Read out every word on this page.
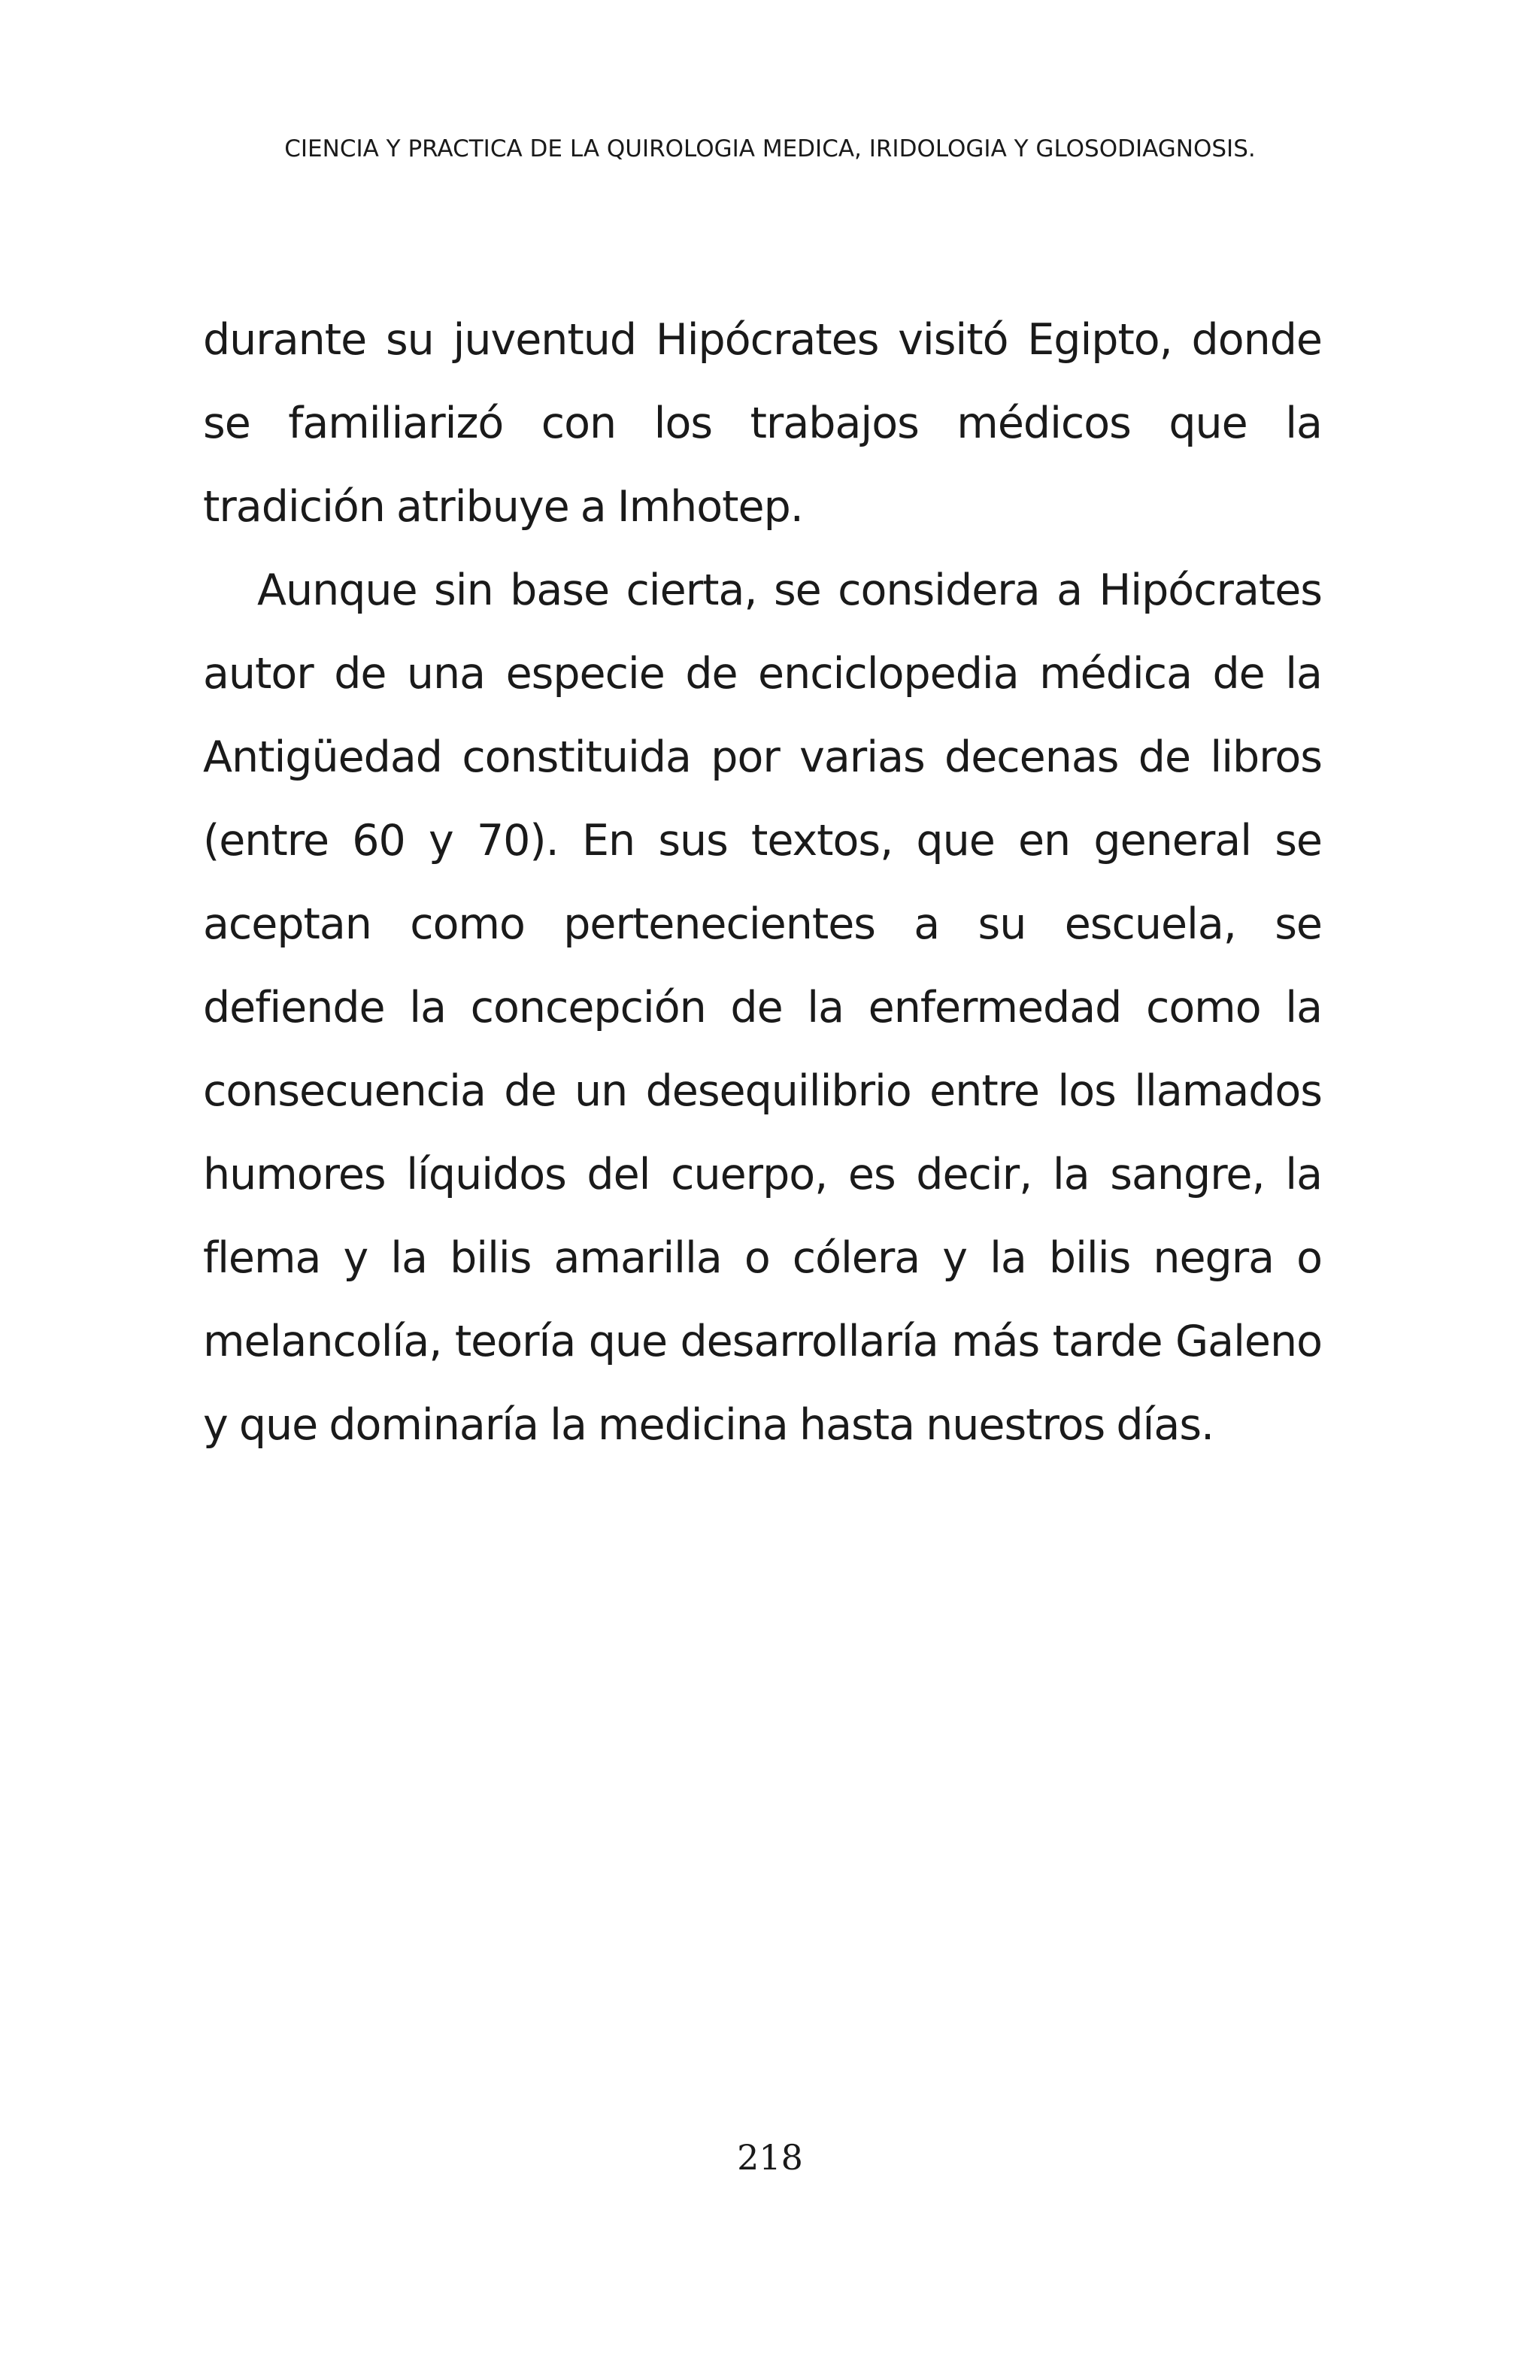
CIENCIA Y PRACTICA DE LA QUIROLOGIA MEDICA, IRIDOLOGIA Y GLOSODIAGNOSIS.

durante su juventud Hipócrates visitó Egipto, donde se familiarizó con los trabajos médicos que la tradición atribuye a Imhotep.

Aunque sin base cierta, se considera a Hipócrates autor de una especie de enciclopedia médica de la Antigüedad constituida por varias decenas de libros (entre 60 y 70). En sus textos, que en general se aceptan como pertenecientes a su escuela, se defiende la concepción de la enfermedad como la consecuencia de un desequilibrio entre los llamados humores líquidos del cuerpo, es decir, la sangre, la flema y la bilis amarilla o cólera y la bilis negra o melancolía, teoría que desarrollaría más tarde Galeno y que dominaría la medicina hasta nuestros días.

218
